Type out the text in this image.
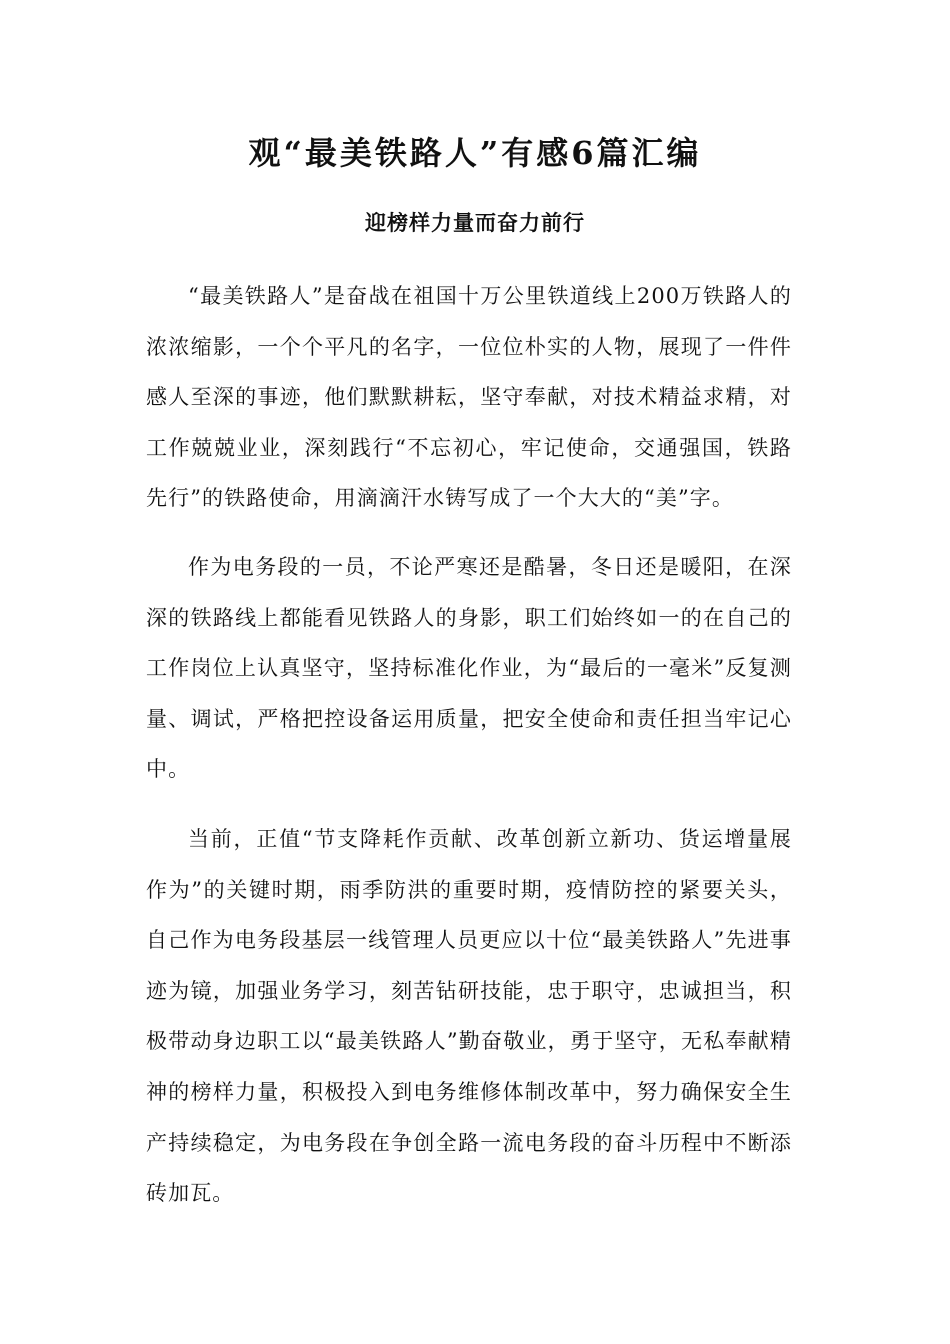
观“最美铁路人”有感6篇汇编
迎榜样力量而奋力前行

“最美铁路人”是奋战在祖国十万公里铁道线上200万铁路人的浓浓缩影，一个个平凡的名字，一位位朴实的人物，展现了一件件感人至深的事迹，他们默默耕耘，坚守奉献，对技术精益求精，对工作兢兢业业，深刻践行“不忘初心，牢记使命，交通强国，铁路先行”的铁路使命，用滴滴汗水铸写成了一个大大的“美”字。

作为电务段的一员，不论严寒还是酷暑，冬日还是暖阳，在深深的铁路线上都能看见铁路人的身影，职工们始终如一的在自己的工作岗位上认真坚守，坚持标准化作业，为“最后的一毫米”反复测量、调试，严格把控设备运用质量，把安全使命和责任担当牢记心中。

当前，正值“节支降耗作贡献、改革创新立新功、货运增量展作为”的关键时期，雨季防洪的重要时期，疫情防控的紧要关头，自己作为电务段基层一线管理人员更应以十位“最美铁路人”先进事迹为镜，加强业务学习，刻苦钻研技能，忠于职守，忠诚担当，积极带动身边职工以“最美铁路人”勤奋敬业，勇于坚守，无私奉献精神的榜样力量，积极投入到电务维修体制改革中，努力确保安全生产持续稳定，为电务段在争创全路一流电务段的奋斗历程中不断添砖加瓦。
